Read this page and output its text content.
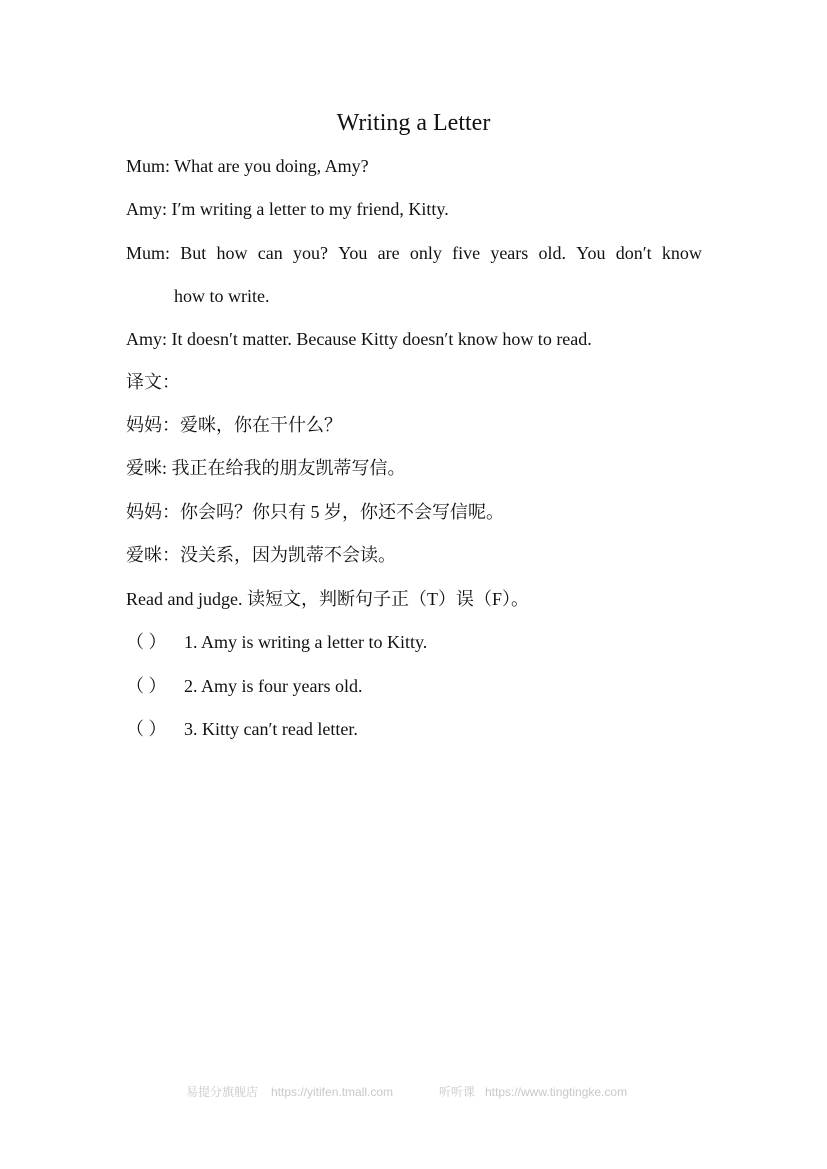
Writing a Letter
Mum: What are you doing, Amy?
Amy: I′m writing a letter to my friend, Kitty.
Mum: But how can you? You are only five years old. You don′t know
how to write.
Amy: It doesn′t matter. Because Kitty doesn′t know how to read.
译文：
妈妈：爱咪，你在干什么？
爱咪: 我正在给我的朋友凯蒂写信。
妈妈：你会吗？你只有 5 岁，你还不会写信呢。
爱咪：没关系，因为凯蒂不会读。
Read and judge. 读短文，判断句子正（T）误（F）。
（ ） 1. Amy is writing a letter to Kitty.
（ ） 2. Amy is four years old.
（ ） 3. Kitty can′t read letter.
易提分旗舰店 https://yitifen.tmall.com	听听课 https://www.tingtingke.com
